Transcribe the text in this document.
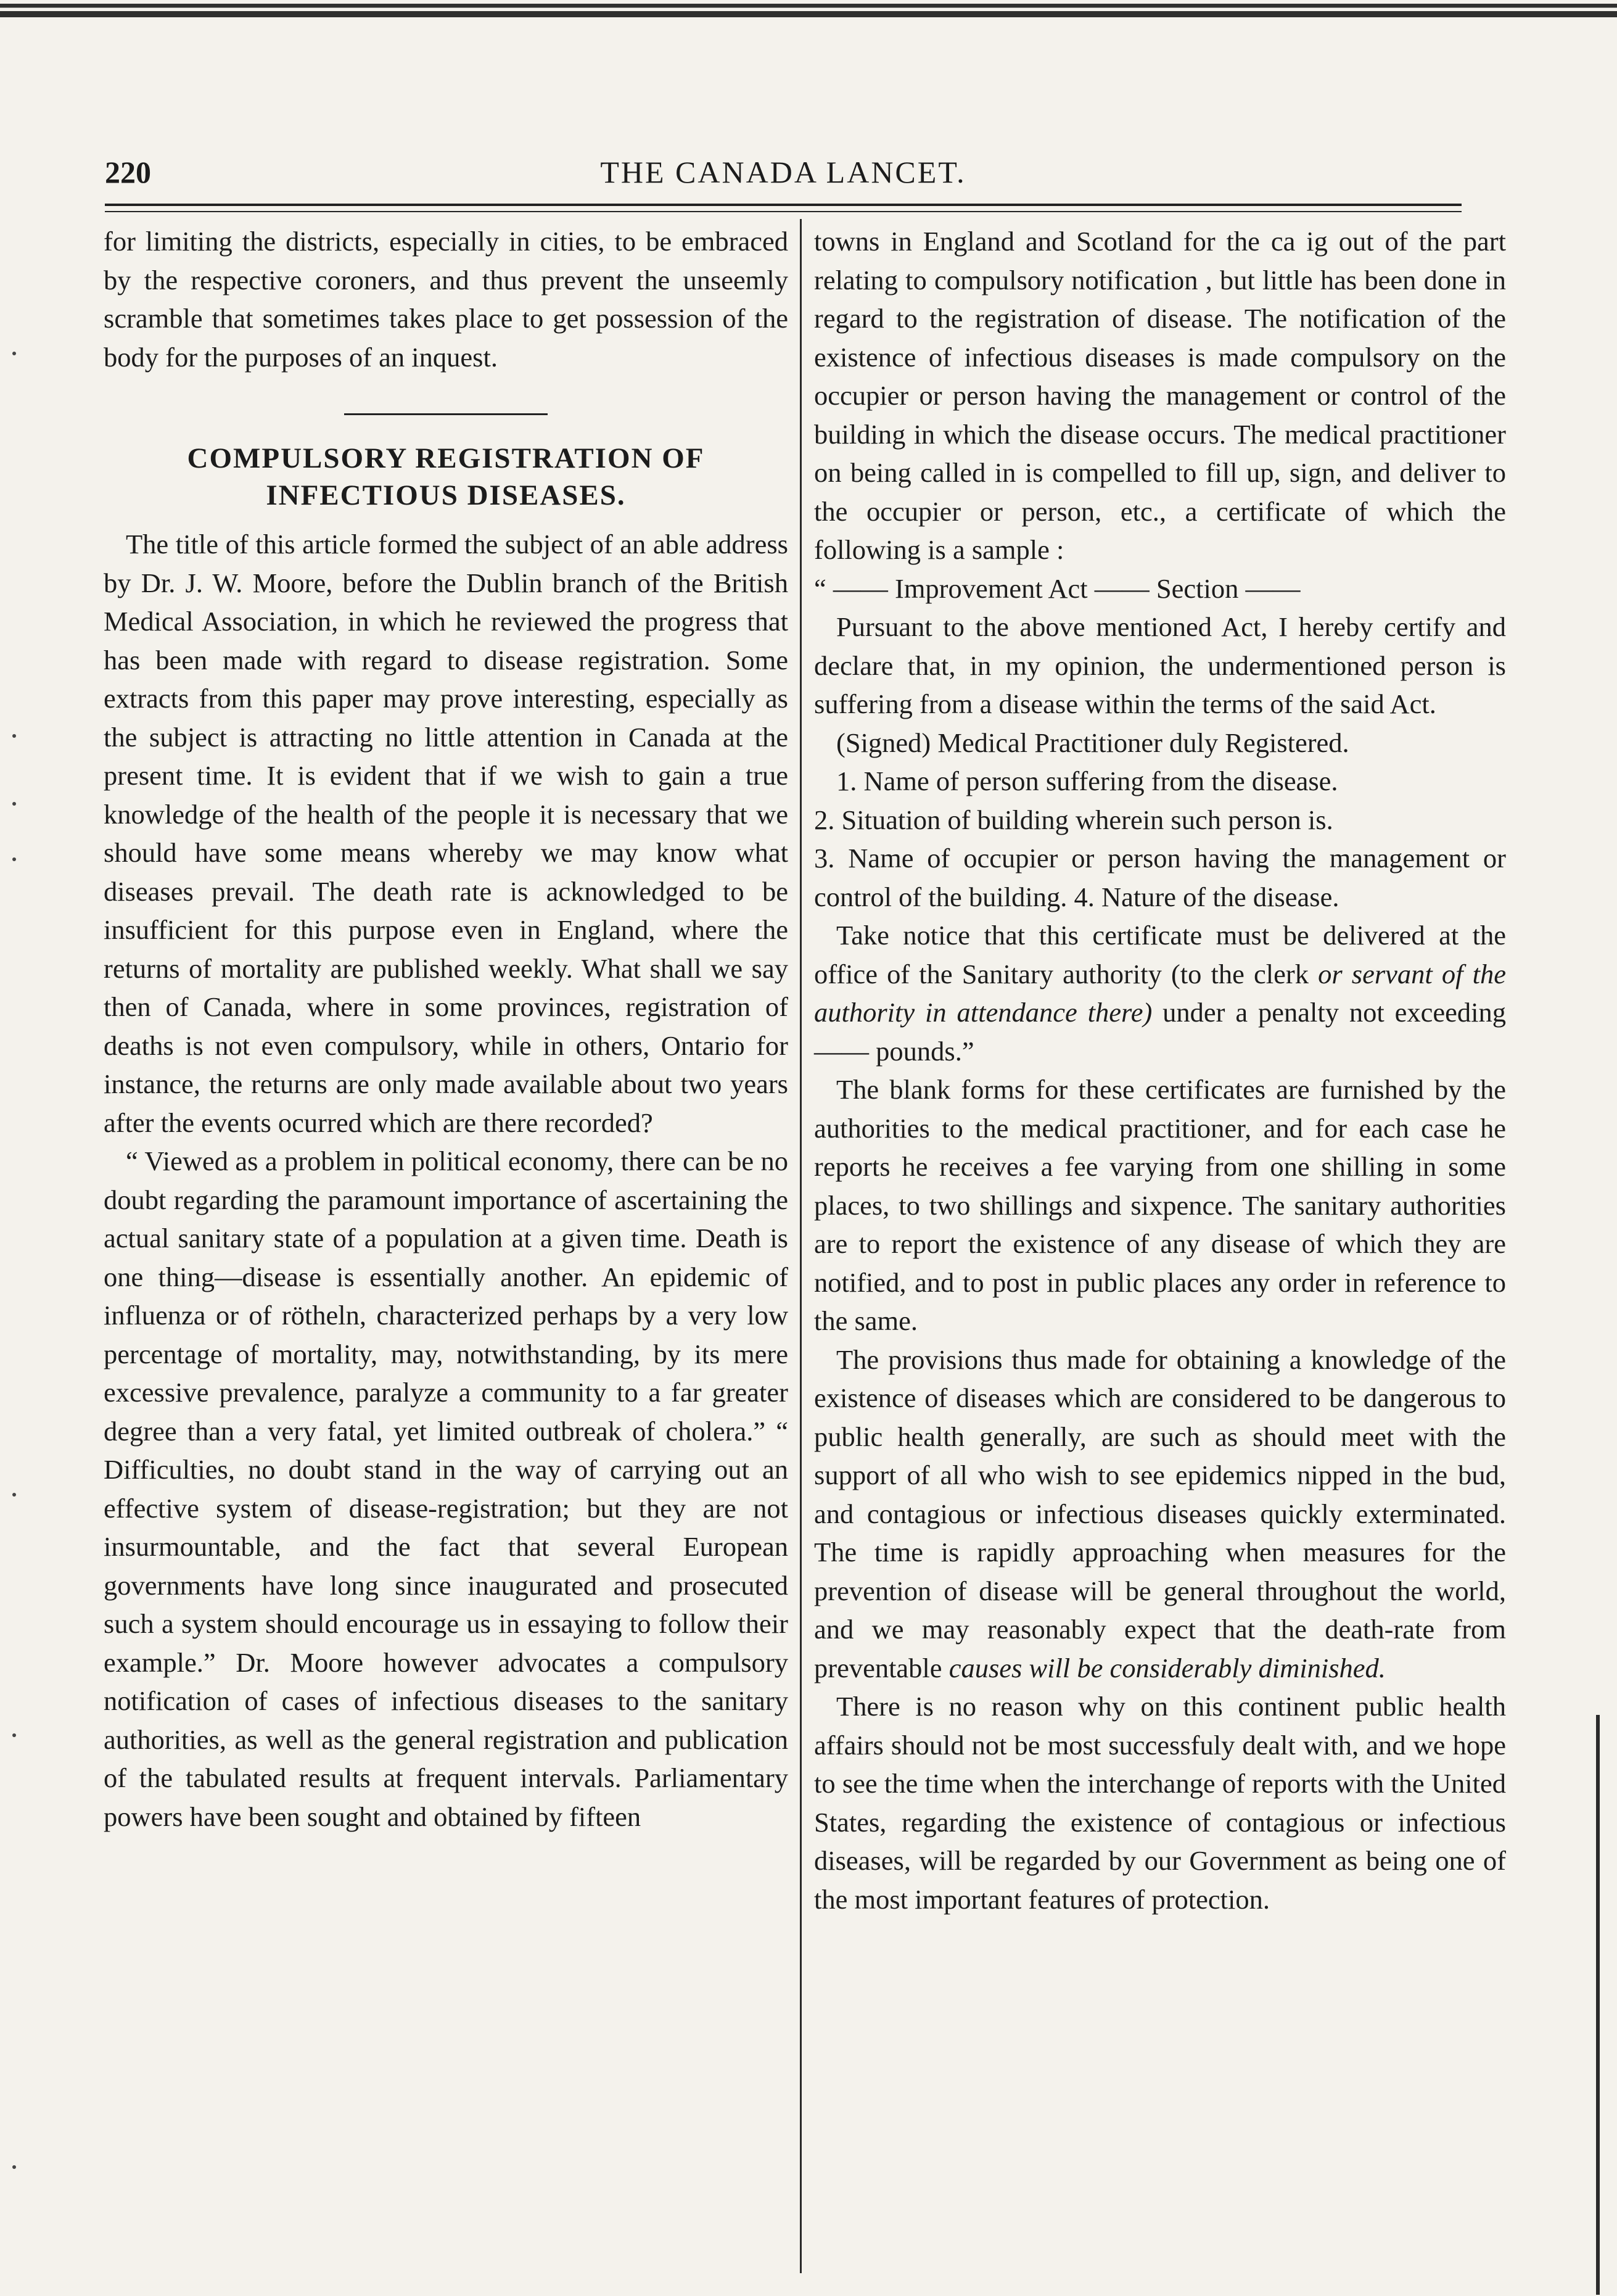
220	THE CANADA LANCET.

for limiting the districts, especially in cities, to be embraced by the respective coroners, and thus prevent the unseemly scramble that sometimes takes place to get possession of the body for the purposes of an inquest.

COMPULSORY REGISTRATION OF INFECTIOUS DISEASES.

The title of this article formed the subject of an able address by Dr. J. W. Moore, before the Dublin branch of the British Medical Association, in which he reviewed the progress that has been made with regard to disease registration. Some extracts from this paper may prove interesting, especially as the subject is attracting no little attention in Canada at the present time. It is evident that if we wish to gain a true knowledge of the health of the people it is necessary that we should have some means whereby we may know what diseases prevail. The death rate is acknowledged to be insufficient for this purpose even in England, where the returns of mortality are published weekly. What shall we say then of Canada, where in some provinces, registration of deaths is not even compulsory, while in others, Ontario for instance, the returns are only made available about two years after the events ocurred which are there recorded?

“ Viewed as a problem in political economy, there can be no doubt regarding the paramount importance of ascertaining the actual sanitary state of a population at a given time. Death is one thing—disease is essentially another. An epidemic of influenza or of rötheln, characterized perhaps by a very low percentage of mortality, may, notwithstanding, by its mere excessive prevalence, paralyze a community to a far greater degree than a very fatal, yet limited outbreak of cholera.” “ Difficulties, no doubt stand in the way of carrying out an effective system of disease-registration; but they are not insurmountable, and the fact that several European governments have long since inaugurated and prosecuted such a system should encourage us in essaying to follow their example.” Dr. Moore however advocates a compulsory notification of cases of infectious diseases to the sanitary authorities, as well as the general registration and publication of the tabulated results at frequent intervals. Parliamentary powers have been sought and obtained by fifteen

towns in England and Scotland for the ca ig out of the part relating to compulsory notification , but little has been done in regard to the registration of disease. The notification of the existence of infectious diseases is made compulsory on the occupier or person having the management or control of the building in which the disease occurs. The medical practitioner on being called in is compelled to fill up, sign, and deliver to the occupier or person, etc., a certificate of which the following is a sample :

“ —— Improvement Act —— Section ——

Pursuant to the above mentioned Act, I hereby certify and declare that, in my opinion, the undermentioned person is suffering from a disease within the terms of the said Act.

(Signed) Medical Practitioner duly Registered.

1. Name of person suffering from the disease.

2. Situation of building wherein such person is.

3. Name of occupier or person having the management or control of the building. 4. Nature of the disease.

Take notice that this certificate must be delivered at the office of the Sanitary authority (to the clerk or servant of the authority in attendance there) under a penalty not exceeding —— pounds.”

The blank forms for these certificates are furnished by the authorities to the medical practitioner, and for each case he reports he receives a fee varying from one shilling in some places, to two shillings and sixpence. The sanitary authorities are to report the existence of any disease of which they are notified, and to post in public places any order in reference to the same.

The provisions thus made for obtaining a knowledge of the existence of diseases which are considered to be dangerous to public health generally, are such as should meet with the support of all who wish to see epidemics nipped in the bud, and contagious or infectious diseases quickly exterminated. The time is rapidly approaching when measures for the prevention of disease will be general throughout the world, and we may reasonably expect that the death-rate from preventable causes will be considerably diminished.

There is no reason why on this continent public health affairs should not be most successfuly dealt with, and we hope to see the time when the interchange of reports with the United States, regarding the existence of contagious or infectious diseases, will be regarded by our Government as being one of the most important features of protection.
